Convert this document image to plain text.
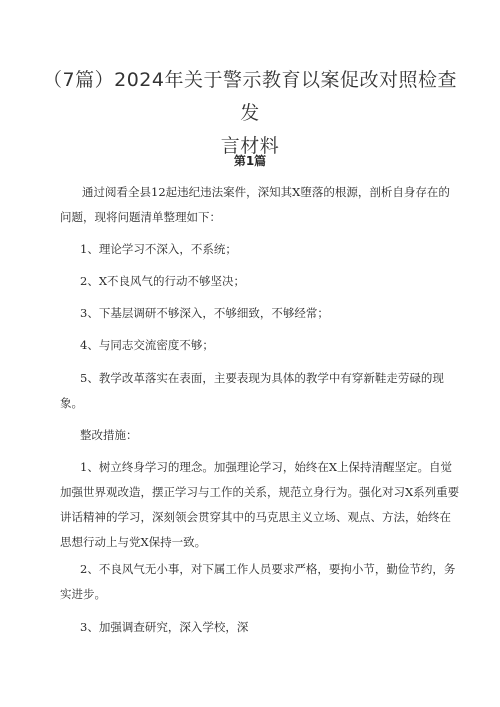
（7篇）2024年关于警示教育以案促改对照检查发
言材料
第1篇

通过阅看全县12起违纪违法案件，深知其X堕落的根源，剖析自身存在的问题，现将问题清单整理如下：

1、理论学习不深入，不系统；

2、X不良风气的行动不够坚决；

3、下基层调研不够深入，不够细致，不够经常；

4、与同志交流密度不够；

5、教学改革落实在表面，主要表现为具体的教学中有穿新鞋走劳碌的现象。

整改措施：

1、树立终身学习的理念。加强理论学习，始终在X上保持清醒坚定。自觉加强世界观改造，摆正学习与工作的关系，规范立身行为。强化对习X系列重要讲话精神的学习，深刻领会贯穿其中的马克思主义立场、观点、方法，始终在思想行动上与党X保持一致。

2、不良风气无小事，对下属工作人员要求严格，要拘小节，勤俭节约，务实进步。

3、加强调查研究，深入学校，深
